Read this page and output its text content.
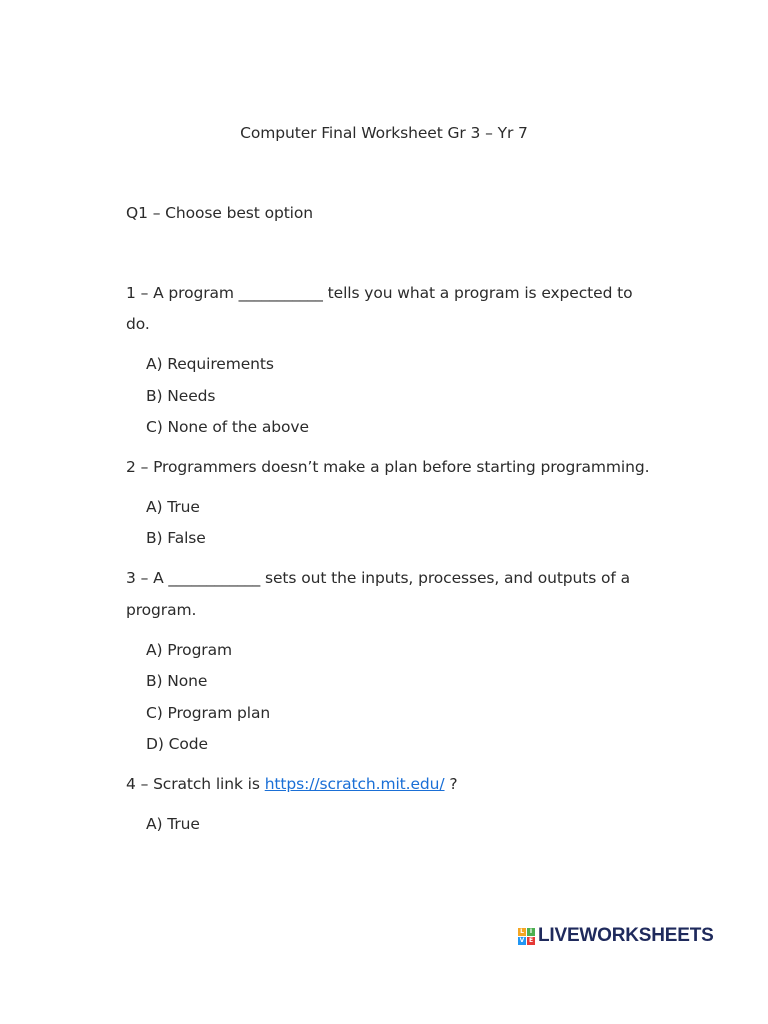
Computer Final Worksheet Gr 3 – Yr 7
Q1 – Choose best option
1 – A program ___________ tells you what a program is expected to
do.
A) Requirements
B) Needs
C) None of the above
2 – Programmers doesn’t make a plan before starting programming.
A) True
B) False
3 – A ____________ sets out the inputs, processes, and outputs of a
program.
A) Program
B) None
C) Program plan
D) Code
4 – Scratch link is https://scratch.mit.edu/ ?
A) True
L I
V E LIVEWORKSHEETS
